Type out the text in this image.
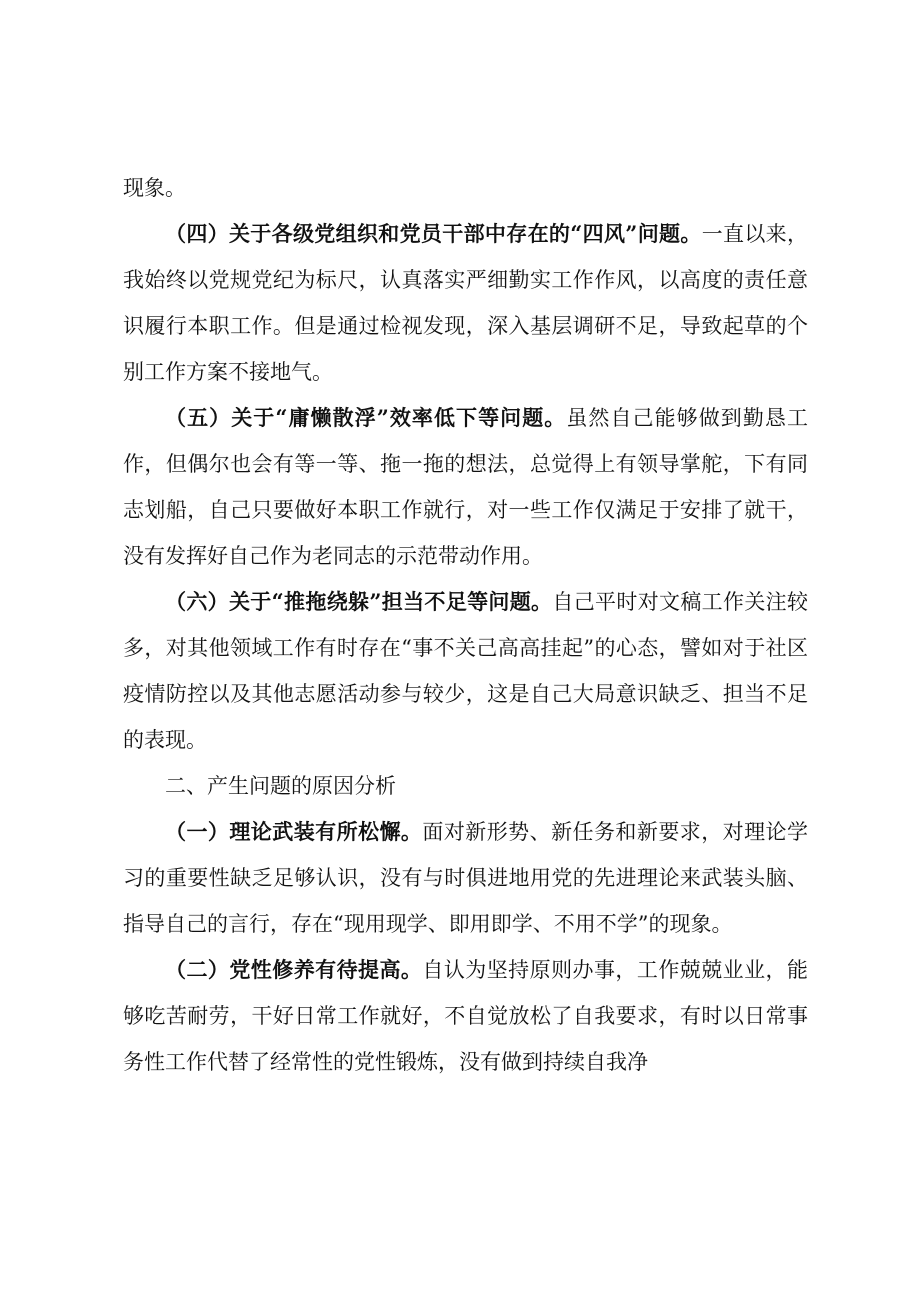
现象。

（四）关于各级党组织和党员干部中存在的“四风”问题。一直以来，我始终以党规党纪为标尺，认真落实严细勤实工作作风，以高度的责任意识履行本职工作。但是通过检视发现，深入基层调研不足，导致起草的个别工作方案不接地气。

（五）关于“庸懒散浮”效率低下等问题。虽然自己能够做到勤恳工作，但偶尔也会有等一等、拖一拖的想法，总觉得上有领导掌舵，下有同志划船，自己只要做好本职工作就行，对一些工作仅满足于安排了就干，没有发挥好自己作为老同志的示范带动作用。

（六）关于“推拖绕躲”担当不足等问题。自己平时对文稿工作关注较多，对其他领域工作有时存在“事不关己高高挂起”的心态，譬如对于社区疫情防控以及其他志愿活动参与较少，这是自己大局意识缺乏、担当不足的表现。

二、产生问题的原因分析

（一）理论武装有所松懈。面对新形势、新任务和新要求，对理论学习的重要性缺乏足够认识，没有与时俱进地用党的先进理论来武装头脑、指导自己的言行，存在“现用现学、即用即学、不用不学”的现象。

（二）党性修养有待提高。自认为坚持原则办事，工作兢兢业业，能够吃苦耐劳，干好日常工作就好，不自觉放松了自我要求，有时以日常事务性工作代替了经常性的党性锻炼，没有做到持续自我净
